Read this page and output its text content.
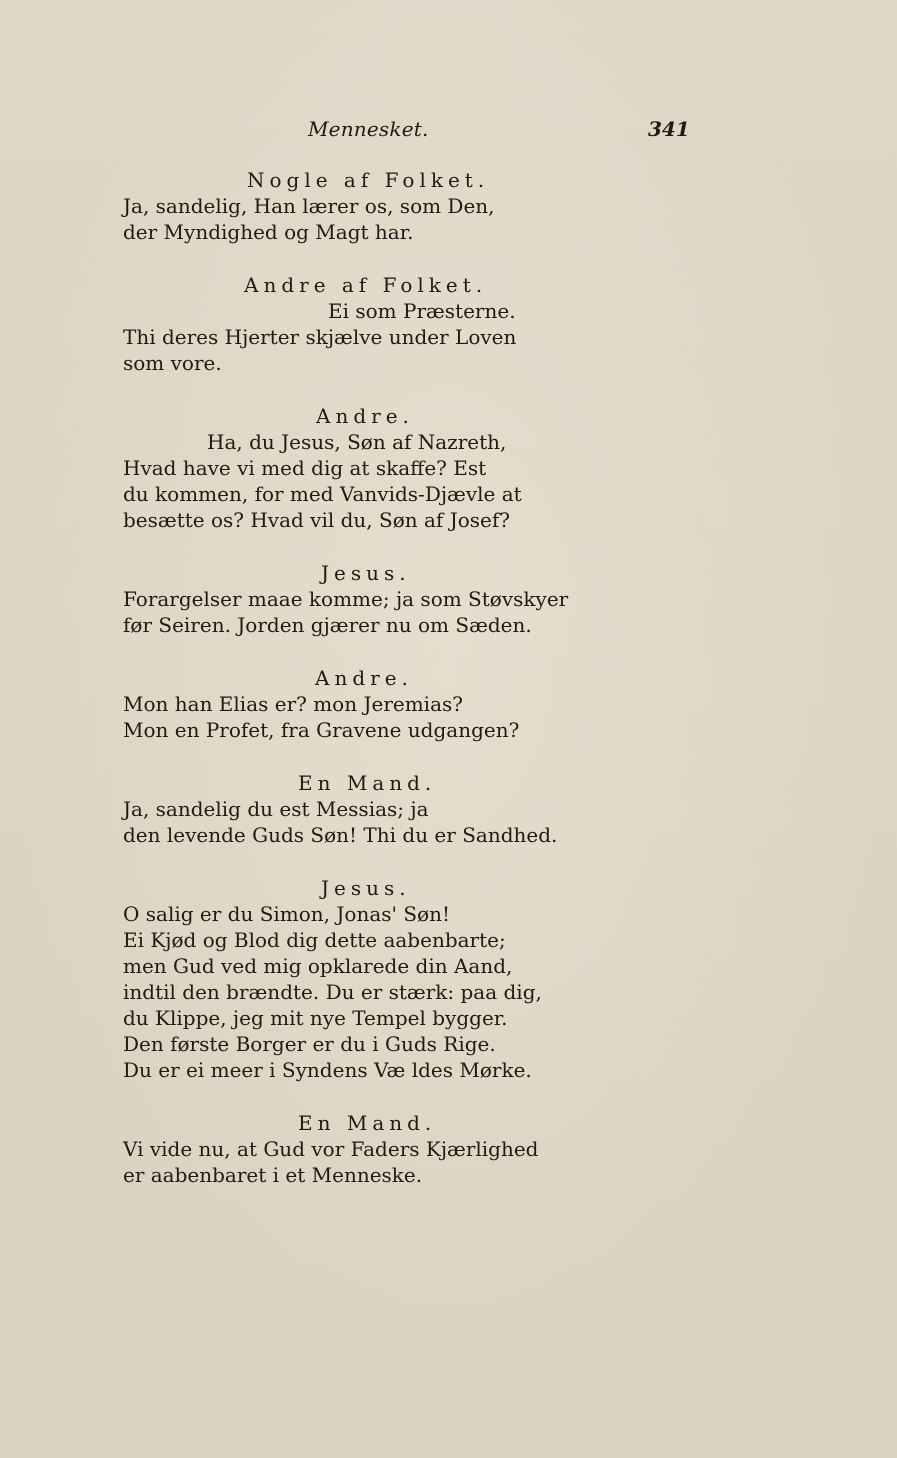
Mennesket.	341
Nogle af Folket.
Ja, sandelig, Han lærer os, som Den,
der Myndighed og Magt har.
Andre af Folket.
Ei som Præsterne.
Thi deres Hjerter skjælve under Loven
som vore.
Andre.
Ha, du Jesus, Søn af Nazreth,
Hvad have vi med dig at skaffe? Est
du kommen, for med Vanvids-Djævle at
besætte os? Hvad vil du, Søn af Josef?
Jesus.
Forargelser maae komme; ja som Støvskyer
før Seiren. Jorden gjærer nu om Sæden.
Andre.
Mon han Elias er? mon Jeremias?
Mon en Profet, fra Gravene udgangen?
En Mand.
Ja, sandelig du est Messias; ja
den levende Guds Søn! Thi du er Sandhed.
Jesus.
O salig er du Simon, Jonas' Søn!
Ei Kjød og Blod dig dette aabenbarte;
men Gud ved mig opklarede din Aand,
indtil den brændte. Du er stærk: paa dig,
du Klippe, jeg mit nye Tempel bygger.
Den første Borger er du i Guds Rige.
Du er ei meer i Syndens Væ ldes Mørke.
En Mand.
Vi vide nu, at Gud vor Faders Kjærlighed
er aabenbaret i et Menneske.
